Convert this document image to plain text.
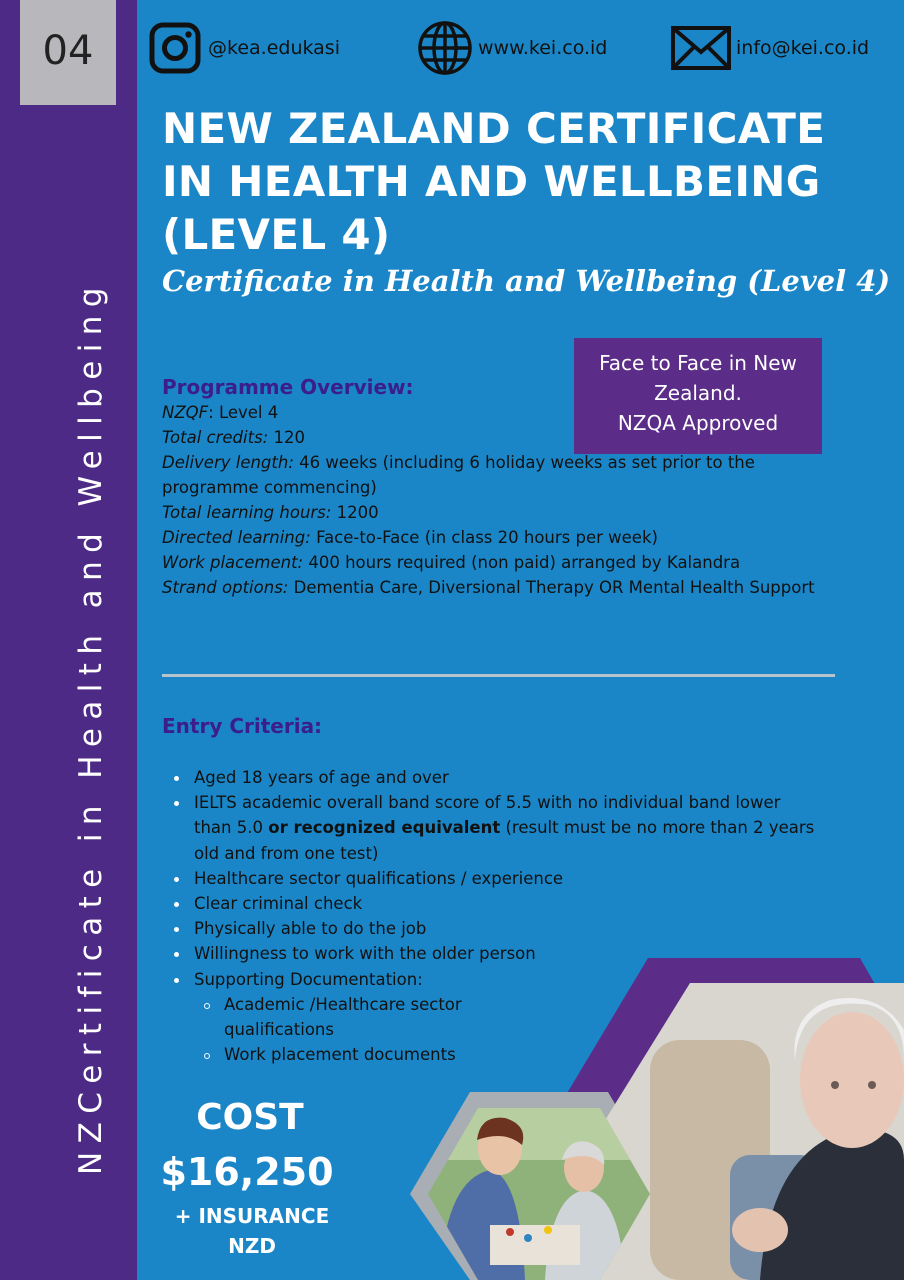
04
NZCertificate in Health and Wellbeing
@kea.edukasi	www.kei.co.id	info@kei.co.id
NEW ZEALAND CERTIFICATE
IN HEALTH AND WELLBEING
(LEVEL 4)
Certificate in Health and Wellbeing (Level 4)
Face to Face in New
Zealand.
NZQA Approved
Programme Overview:
NZQF: Level 4
Total credits: 120
Delivery length: 46 weeks (including 6 holiday weeks as set prior to the programme commencing)
Total learning hours: 1200
Directed learning: Face-to-Face (in class 20 hours per week)
Work placement: 400 hours required (non paid) arranged by Kalandra
Strand options: Dementia Care, Diversional Therapy OR Mental Health Support
Entry Criteria:
Aged 18 years of age and over
IELTS academic overall band score of 5.5 with no individual band lower than 5.0 or recognized equivalent (result must be no more than 2 years old and from one test)
Healthcare sector qualifications / experience
Clear criminal check
Physically able to do the job
Willingness to work with the older person
Supporting Documentation:
Academic /Healthcare sector qualifications
Work placement documents
COST
$16,250
+ INSURANCE
NZD
